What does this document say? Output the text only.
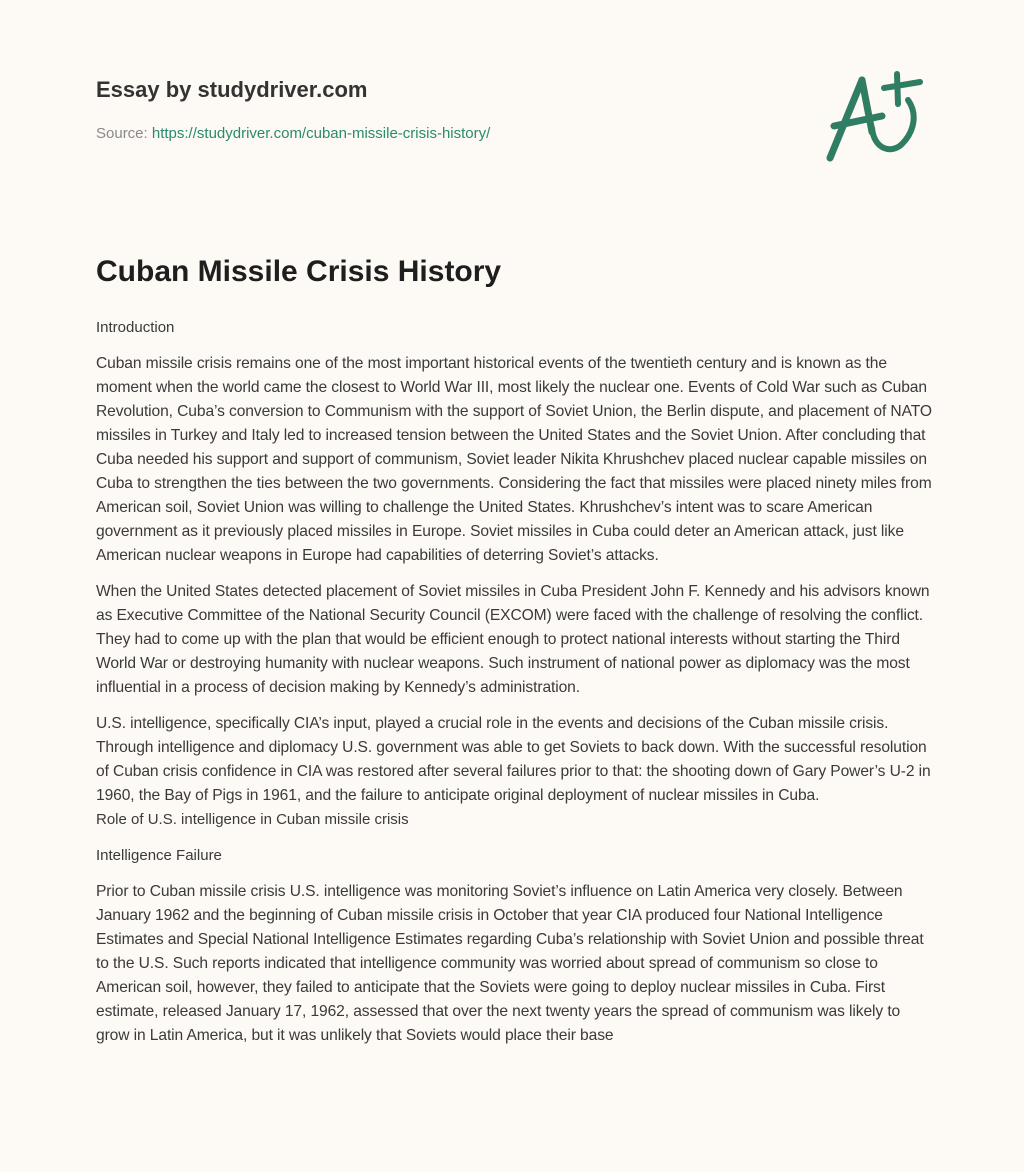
Essay by studydriver.com
Source: https://studydriver.com/cuban-missile-crisis-history/
Cuban Missile Crisis History
Introduction

Cuban missile crisis remains one of the most important historical events of the twentieth century and is known as the moment when the world came the closest to World War III, most likely the nuclear one. Events of Cold War such as Cuban Revolution, Cuba’s conversion to Communism with the support of Soviet Union, the Berlin dispute, and placement of NATO missiles in Turkey and Italy led to increased tension between the United States and the Soviet Union. After concluding that Cuba needed his support and support of communism, Soviet leader Nikita Khrushchev placed nuclear capable missiles on Cuba to strengthen the ties between the two governments. Considering the fact that missiles were placed ninety miles from American soil, Soviet Union was willing to challenge the United States. Khrushchev’s intent was to scare American government as it previously placed missiles in Europe. Soviet missiles in Cuba could deter an American attack, just like American nuclear weapons in Europe had capabilities of deterring Soviet’s attacks.

When the United States detected placement of Soviet missiles in Cuba President John F. Kennedy and his advisors known as Executive Committee of the National Security Council (EXCOM) were faced with the challenge of resolving the conflict. They had to come up with the plan that would be efficient enough to protect national interests without starting the Third World War or destroying humanity with nuclear weapons. Such instrument of national power as diplomacy was the most influential in a process of decision making by Kennedy’s administration.

U.S. intelligence, specifically CIA’s input, played a crucial role in the events and decisions of the Cuban missile crisis. Through intelligence and diplomacy U.S. government was able to get Soviets to back down. With the successful resolution of Cuban crisis confidence in CIA was restored after several failures prior to that: the shooting down of Gary Power’s U-2 in 1960, the Bay of Pigs in 1961, and the failure to anticipate original deployment of nuclear missiles in Cuba.

Role of U.S. intelligence in Cuban missile crisis
Intelligence Failure

Prior to Cuban missile crisis U.S. intelligence was monitoring Soviet’s influence on Latin America very closely. Between January 1962 and the beginning of Cuban missile crisis in October that year CIA produced four National Intelligence Estimates and Special National Intelligence Estimates regarding Cuba’s relationship with Soviet Union and possible threat to the U.S. Such reports indicated that intelligence community was worried about spread of communism so close to American soil, however, they failed to anticipate that the Soviets were going to deploy nuclear missiles in Cuba. First estimate, released January 17, 1962, assessed that over the next twenty years the spread of communism was likely to grow in Latin America, but it was unlikely that Soviets would place their base
